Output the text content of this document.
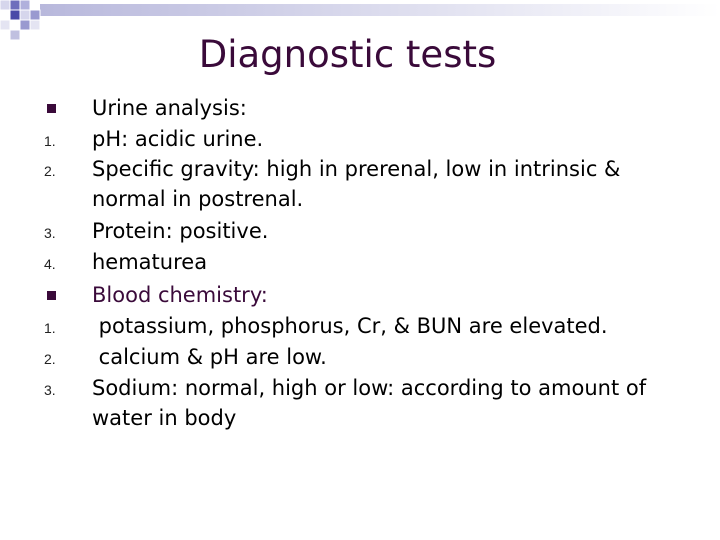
Diagnostic tests
Urine analysis:
1.	pH: acidic urine.
2.	Specific gravity: high in prerenal, low in intrinsic &
normal in postrenal.
3.	Protein: positive.
4.	hematurea
Blood chemistry:
1.	potassium, phosphorus, Cr, & BUN are elevated.
2.	calcium & pH are low.
3.	Sodium: normal, high or low: according to amount of
water in body
